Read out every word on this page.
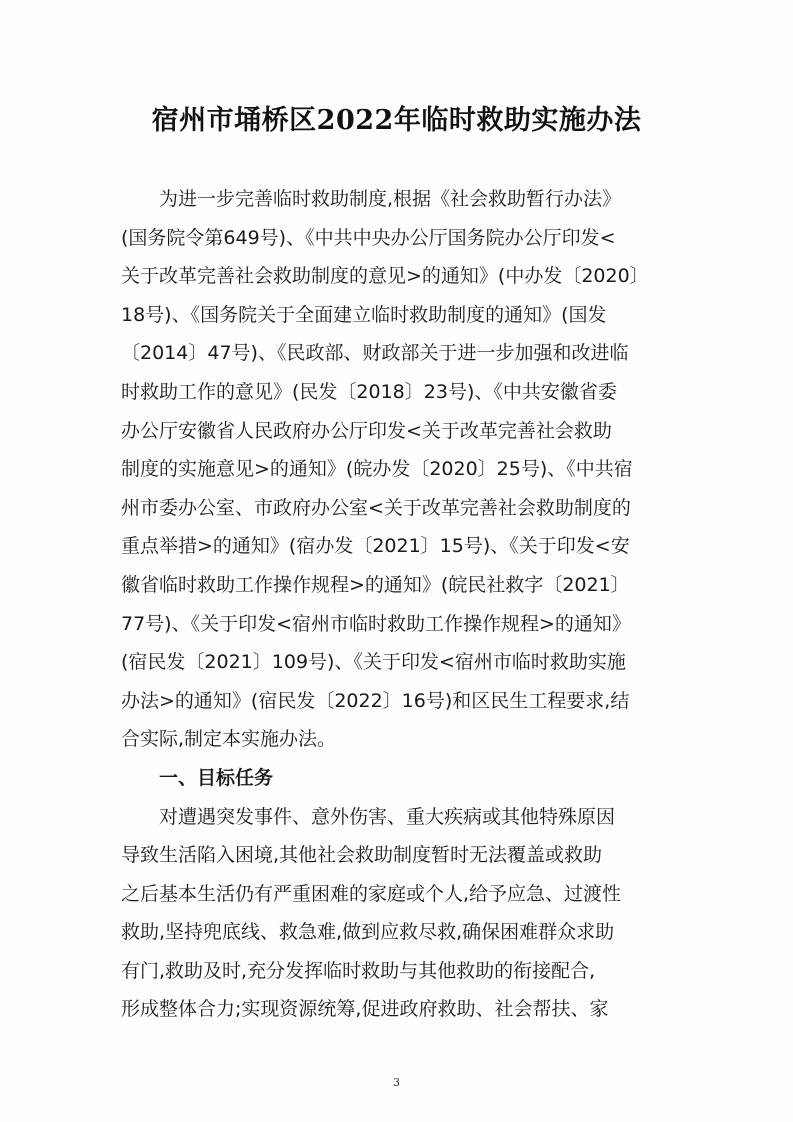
宿州市埇桥区2022年临时救助实施办法
为进一步完善临时救助制度,根据《社会救助暂行办法》
(国务院令第649号)、《中共中央办公厅国务院办公厅印发<
关于改革完善社会救助制度的意见>的通知》(中办发〔2020〕
18号)、《国务院关于全面建立临时救助制度的通知》(国发
〔2014〕47号)、《民政部、财政部关于进一步加强和改进临
时救助工作的意见》(民发〔2018〕23号)、《中共安徽省委
办公厅安徽省人民政府办公厅印发<关于改革完善社会救助
制度的实施意见>的通知》(皖办发〔2020〕25号)、《中共宿
州市委办公室、市政府办公室<关于改革完善社会救助制度的
重点举措>的通知》(宿办发〔2021〕15号)、《关于印发<安
徽省临时救助工作操作规程>的通知》(皖民社救字〔2021〕
77号)、《关于印发<宿州市临时救助工作操作规程>的通知》
(宿民发〔2021〕109号)、《关于印发<宿州市临时救助实施
办法>的通知》(宿民发〔2022〕16号)和区民生工程要求,结
合实际,制定本实施办法。
一、目标任务
对遭遇突发事件、意外伤害、重大疾病或其他特殊原因
导致生活陷入困境,其他社会救助制度暂时无法覆盖或救助
之后基本生活仍有严重困难的家庭或个人,给予应急、过渡性
救助,坚持兜底线、救急难,做到应救尽救,确保困难群众求助
有门,救助及时,充分发挥临时救助与其他救助的衔接配合,
形成整体合力;实现资源统筹,促进政府救助、社会帮扶、家
3
